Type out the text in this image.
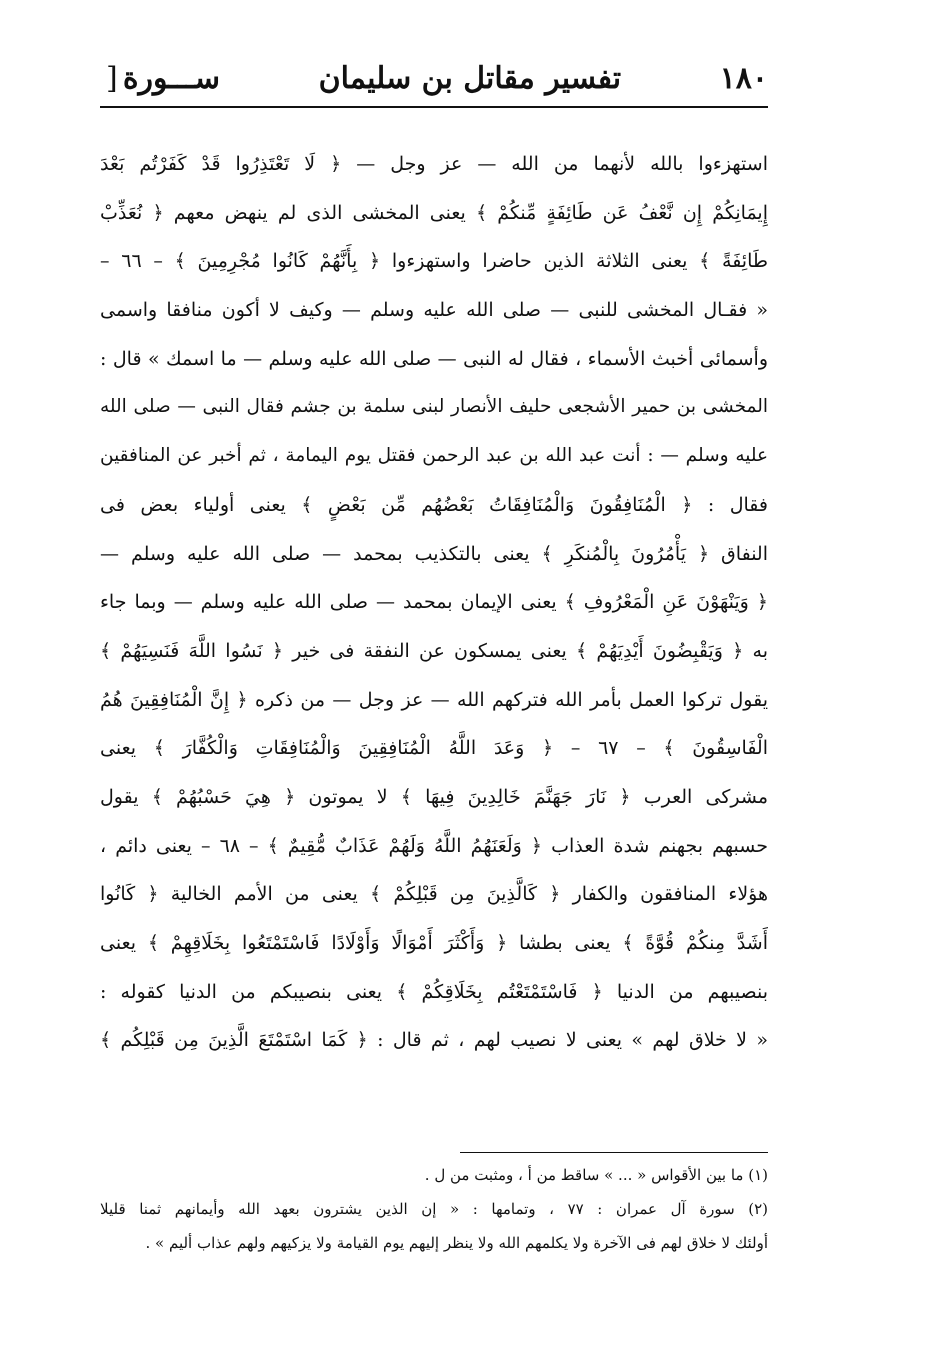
١٨٠
تفسير مقاتل بن سليمان
ســـورة [
استهزءوا بالله لأنهما من الله — عز وجل — ﴿ لَا تَعْتَذِرُوا قَدْ كَفَرْتُم بَعْدَ
إِيمَانِكُمْ إِن نَّعْفُ عَن طَائِفَةٍ مِّنكُمْ ﴾ يعنى المخشى الذى لم ينهض معهم ﴿ نُعَذِّبْ
طَائِفَةً ﴾ يعنى الثلاثة الذين حاضرا واستهزءوا ﴿ بِأَنَّهُمْ كَانُوا مُجْرِمِينَ ﴾ – ٦٦ –
« فقـال المخشى للنبى — صلى الله عليه وسلم — وكيف لا أكون منافقا واسمى
وأسمائى أخبث الأسماء ، فقال له النبى — صلى الله عليه وسلم — ما اسمك » قال :
المخشى بن حمير الأشجعى حليف الأنصار لبنى سلمة بن جشم فقال النبى — صلى الله
عليه وسلم — : أنت عبد الله بن عبد الرحمن فقتل يوم اليمامة ، ثم أخبر عن المنافقين
فقال : ﴿ الْمُنَافِقُونَ وَالْمُنَافِقَاتُ بَعْضُهُم مِّن بَعْضٍ ﴾ يعنى أولياء بعض فى
النفاق ﴿ يَأْمُرُونَ بِالْمُنكَرِ ﴾ يعنى بالتكذيب بمحمد — صلى الله عليه وسلم —
﴿ وَيَنْهَوْنَ عَنِ الْمَعْرُوفِ ﴾ يعنى الإيمان بمحمد — صلى الله عليه وسلم — وبما جاء
به ﴿ وَيَقْبِضُونَ أَيْدِيَهُمْ ﴾ يعنى يمسكون عن النفقة فى خير ﴿ نَسُوا اللَّهَ فَنَسِيَهُمْ ﴾
يقول تركوا العمل بأمر الله فتركهم الله — عز وجل — من ذكره ﴿ إِنَّ الْمُنَافِقِينَ هُمُ
الْفَاسِقُونَ ﴾ – ٦٧ – ﴿ وَعَدَ اللَّهُ الْمُنَافِقِينَ وَالْمُنَافِقَاتِ وَالْكُفَّارَ ﴾ يعنى
مشركى العرب ﴿ نَارَ جَهَنَّمَ خَالِدِينَ فِيهَا ﴾ لا يموتون ﴿ هِيَ حَسْبُهُمْ ﴾ يقول
حسبهم بجهنم شدة العذاب ﴿ وَلَعَنَهُمُ اللَّهُ وَلَهُمْ عَذَابٌ مُّقِيمٌ ﴾ – ٦٨ – يعنى دائم ،
هؤلاء المنافقون والكفار ﴿ كَالَّذِينَ مِن قَبْلِكُمْ ﴾ يعنى من الأمم الخالية ﴿ كَانُوا
أَشَدَّ مِنكُمْ قُوَّةً ﴾ يعنى بطشا ﴿ وَأَكْثَرَ أَمْوَالًا وَأَوْلَادًا فَاسْتَمْتَعُوا بِخَلَاقِهِمْ ﴾ يعنى
بنصيبهم من الدنيا ﴿ فَاسْتَمْتَعْتُم بِخَلَاقِكُمْ ﴾ يعنى بنصيبكم من الدنيا كقوله :
« لا خلاق لهم » يعنى لا نصيب لهم ، ثم قال : ﴿ كَمَا اسْتَمْتَعَ الَّذِينَ مِن قَبْلِكُم ﴾
(١) ما بين الأقواس « ... » ساقط من أ ، ومثبت من ل .
(٢) سورة آل عمران : ٧٧ ، وتمامها : « إن الذين يشترون بعهد الله وأيمانهم ثمنا قليلا
أولئك لا خلاق لهم فى الآخرة ولا يكلمهم الله ولا ينظر إليهم يوم القيامة ولا يزكيهم ولهم عذاب أليم » .
